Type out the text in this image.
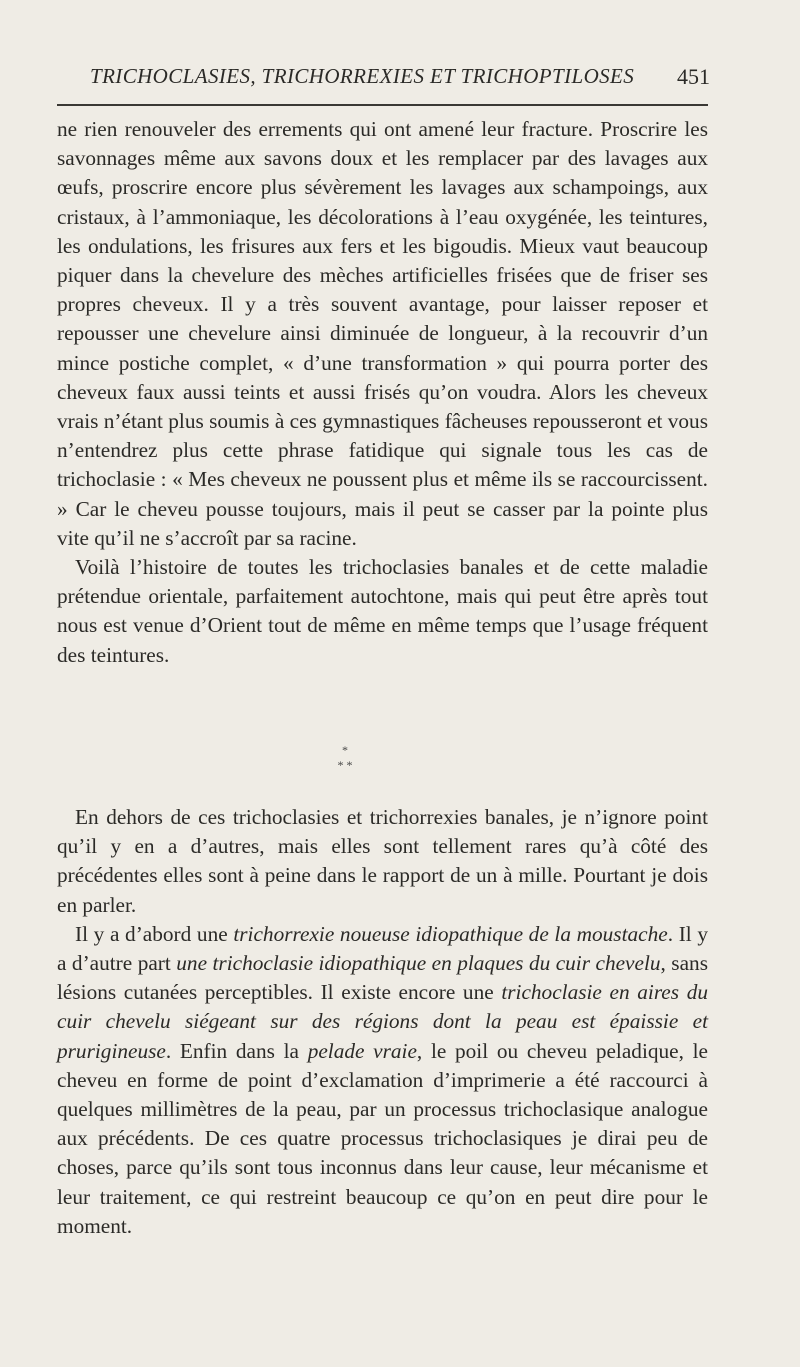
TRICHOCLASIES, TRICHORREXIES ET TRICHOPTILOSES 451

ne rien renouveler des errements qui ont amené leur fracture. Proscrire les savonnages même aux savons doux et les remplacer par des lavages aux œufs, proscrire encore plus sévèrement les lavages aux schampoings, aux cristaux, à l’ammoniaque, les décolorations à l’eau oxygénée, les teintures, les ondulations, les frisures aux fers et les bigoudis. Mieux vaut beaucoup piquer dans la chevelure des mèches artificielles frisées que de friser ses propres cheveux. Il y a très souvent avantage, pour laisser reposer et repousser une chevelure ainsi diminuée de longueur, à la recouvrir d’un mince postiche complet, « d’une transformation » qui pourra porter des cheveux faux aussi teints et aussi frisés qu’on voudra. Alors les cheveux vrais n’étant plus soumis à ces gymnastiques fâcheuses repousseront et vous n’entendrez plus cette phrase fatidique qui signale tous les cas de trichoclasie : « Mes cheveux ne poussent plus et même ils se raccourcissent. » Car le cheveu pousse toujours, mais il peut se casser par la pointe plus vite qu’il ne s’accroît par sa racine.

Voilà l’histoire de toutes les trichoclasies banales et de cette maladie prétendue orientale, parfaitement autochtone, mais qui peut être après tout nous est venue d’Orient tout de même en même temps que l’usage fréquent des teintures.

*
* *

En dehors de ces trichoclasies et trichorrexies banales, je n’ignore point qu’il y en a d’autres, mais elles sont tellement rares qu’à côté des précédentes elles sont à peine dans le rapport de un à mille. Pourtant je dois en parler.

Il y a d’abord une trichorrexie noueuse idiopathique de la moustache. Il y a d’autre part une trichoclasie idiopathique en plaques du cuir chevelu, sans lésions cutanées perceptibles. Il existe encore une trichoclasie en aires du cuir chevelu siégeant sur des régions dont la peau est épaissie et prurigineuse. Enfin dans la pelade vraie, le poil ou cheveu peladique, le cheveu en forme de point d’exclamation d’imprimerie a été raccourci à quelques millimètres de la peau, par un processus trichoclasique analogue aux précédents. De ces quatre processus trichoclasiques je dirai peu de choses, parce qu’ils sont tous inconnus dans leur cause, leur mécanisme et leur traitement, ce qui restreint beaucoup ce qu’on en peut dire pour le moment.
